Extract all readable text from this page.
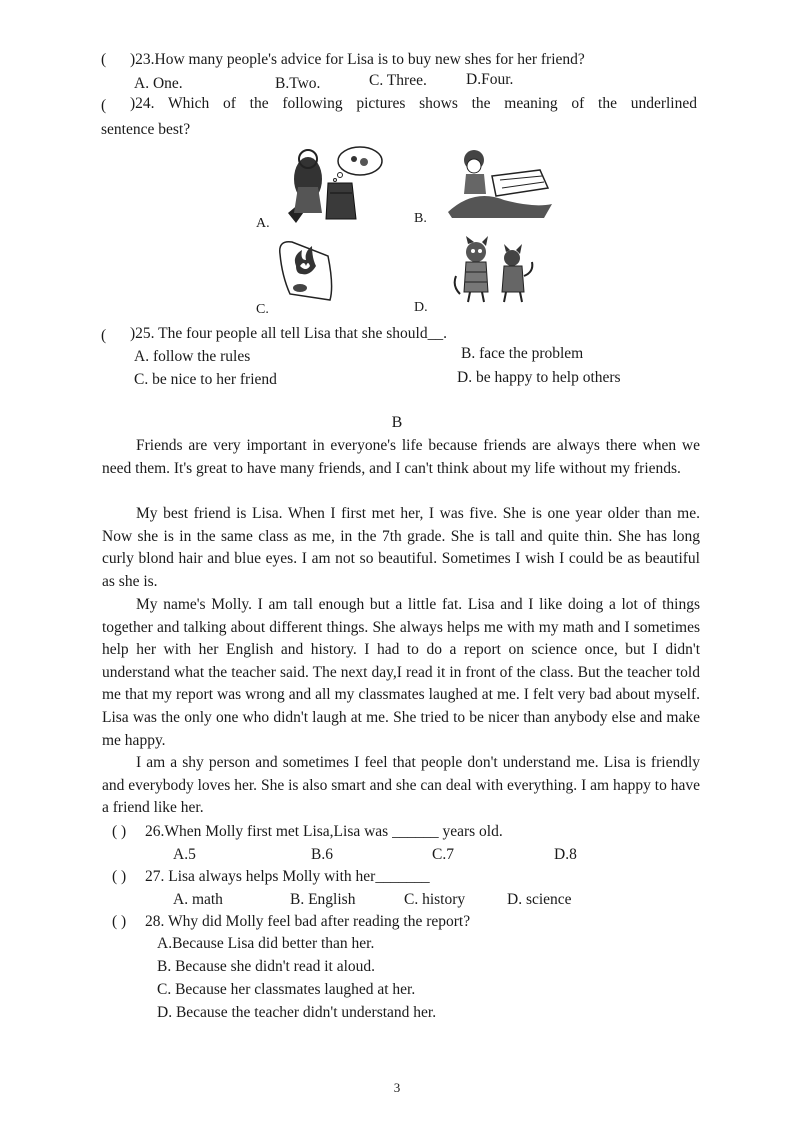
( )23.How many people's advice for Lisa is to buy new shes for her friend?
A. One.	B.Two.	C. Three.	D.Four.
( )24. Which of the following pictures shows the meaning of the underlined
sentence best?
A.	B.
C.	D.
( )25. The four people all tell Lisa that she should__.
A. follow the rules	B. face the problem
C. be nice to her friend	D. be happy to help others
B
Friends are very important in everyone's life because friends are always there when we need them. It's great to have many friends, and I can't think about my life without my friends.
My best friend is Lisa. When I first met her, I was five. She is one year older than me. Now she is in the same class as me, in the 7th grade. She is tall and quite thin. She has long curly blond hair and blue eyes. I am not so beautiful. Sometimes I wish I could be as beautiful as she is.
My name's Molly. I am tall enough but a little fat. Lisa and I like doing a lot of things together and talking about different things. She always helps me with my math and I sometimes help her with her English and history. I had to do a report on science once, but I didn't understand what the teacher said. The next day,I read it in front of the class. But the teacher told me that my report was wrong and all my classmates laughed at me. I felt very bad about myself. Lisa was the only one who didn't laugh at me. She tried to be nicer than anybody else and make me happy.
I am a shy person and sometimes I feel that people don't understand me. Lisa is friendly and everybody loves her. She is also smart and she can deal with everything. I am happy to have a friend like her.
( ) 26.When Molly first met Lisa,Lisa was ______ years old.
A.5	B.6	C.7	D.8
( ) 27. Lisa always helps Molly with her_______
A. math	B. English	C. history	D. science
( ) 28. Why did Molly feel bad after reading the report?
A.Because Lisa did better than her.
B. Because she didn't read it aloud.
C. Because her classmates laughed at her.
D. Because the teacher didn't understand her.
3
